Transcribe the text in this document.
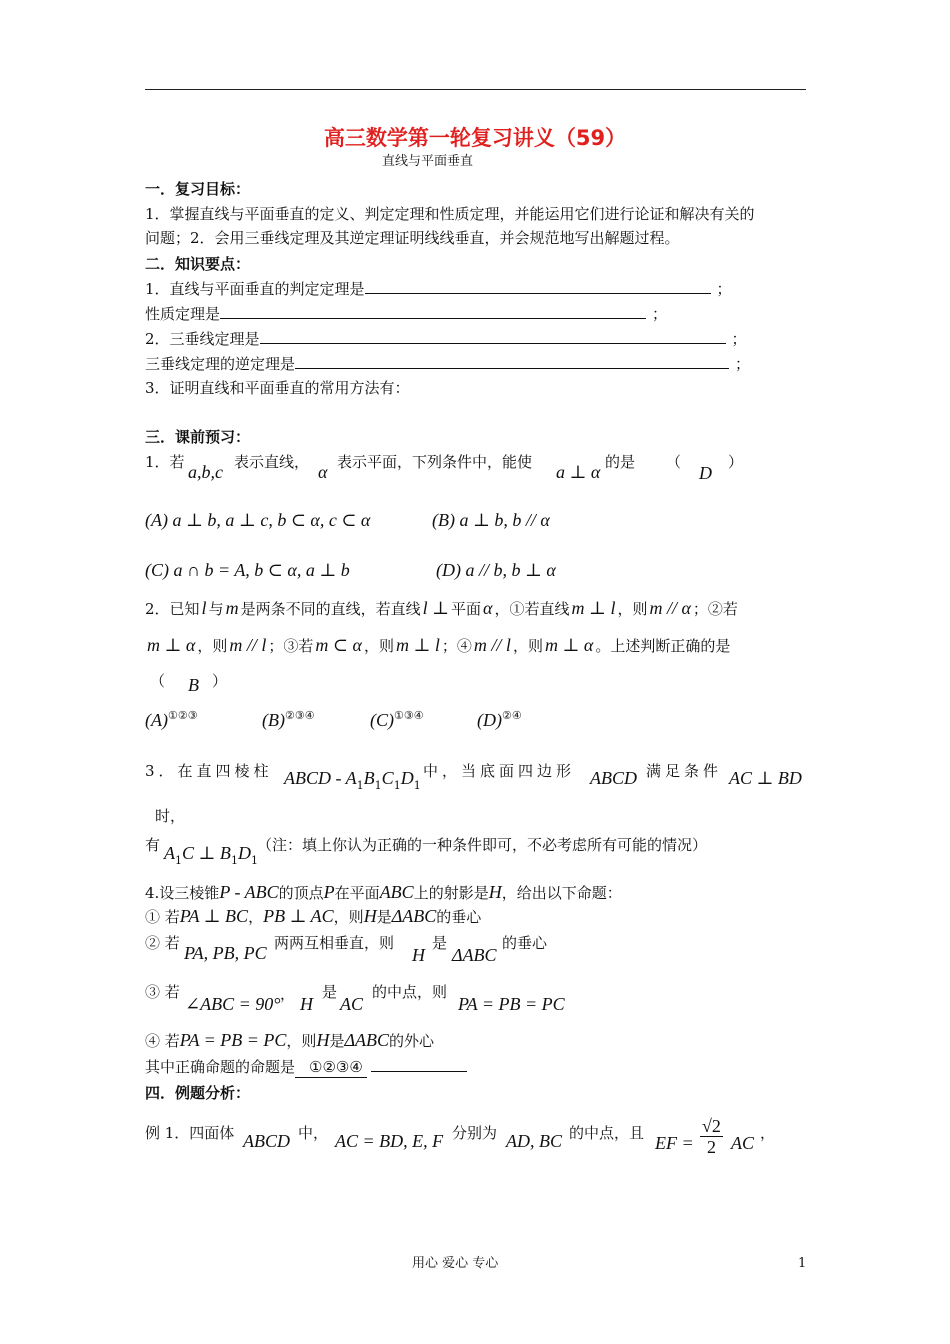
高三数学第一轮复习讲义（59）
直线与平面垂直
一．复习目标：
1．掌握直线与平面垂直的定义、判定定理和性质定理，并能运用它们进行论证和解决有关的
问题；2．会用三垂线定理及其逆定理证明线线垂直，并会规范地写出解题过程。
二．知识要点：
1．直线与平面垂直的判定定理是	；
性质定理是	；
2．三垂线定理是	；
三垂线定理的逆定理是	；
3．证明直线和平面垂直的常用方法有：
三．课前预习：
1．若 a,b,c 表示直线， α 表示平面，下列条件中，能使 a ⊥ α 的是 （
D
）
(A) a ⊥ b, a ⊥ c, b ⊂ α, c ⊂ α	(B) a ⊥ b, b // α
(C) a ∩ b = A, b ⊂ α, a ⊥ b	(D) a // b, b ⊥ α
2．已知 l 与 m 是两条不同的直线，若直线 l ⊥ 平面 α ，①若直线 m ⊥ l ，则 m // α ；②若
m ⊥ α ，则 m // l ；③若 m ⊂ α ，则 m ⊥ l ；④ m // l ，则 m ⊥ α 。上述判断正确的是
（ B ）
(A)①②③	(B)②③④	(C)①③④	(D)②④
3．在直四棱柱 ABCD - $A_1B_1C_1D_1$
中，当底面四边形 ABCD 满足条件 AC ⊥ BD
时，
有 $A_1C$ ⊥ $B_1D_1$
（注：填上你认为正确的一种条件即可，不必考虑所有可能的情况）
4.设三棱锥P - ABC的顶点P在平面ABC上的射影是H，给出以下命题：
① 若PA ⊥ BC，PB ⊥ AC，则H是ΔABC的垂心
② 若 PA, PB, PC 两两互相垂直，则
H
是
ΔABC
的垂心
③ 若
∠ABC = 90° ， H
是
AC
的中点，则
PA = PB = PC
④ 若PA = PB = PC，则H是ΔABC的外心
其中正确命题的命题是 ①②③④
四．例题分析：
例 1．四面体 ABCD 中， AC = BD, E, F 分别为 AD, BC 的中点，且 EF = $\frac{√2}{2}$ AC ，
用心 爱心 专心	1
